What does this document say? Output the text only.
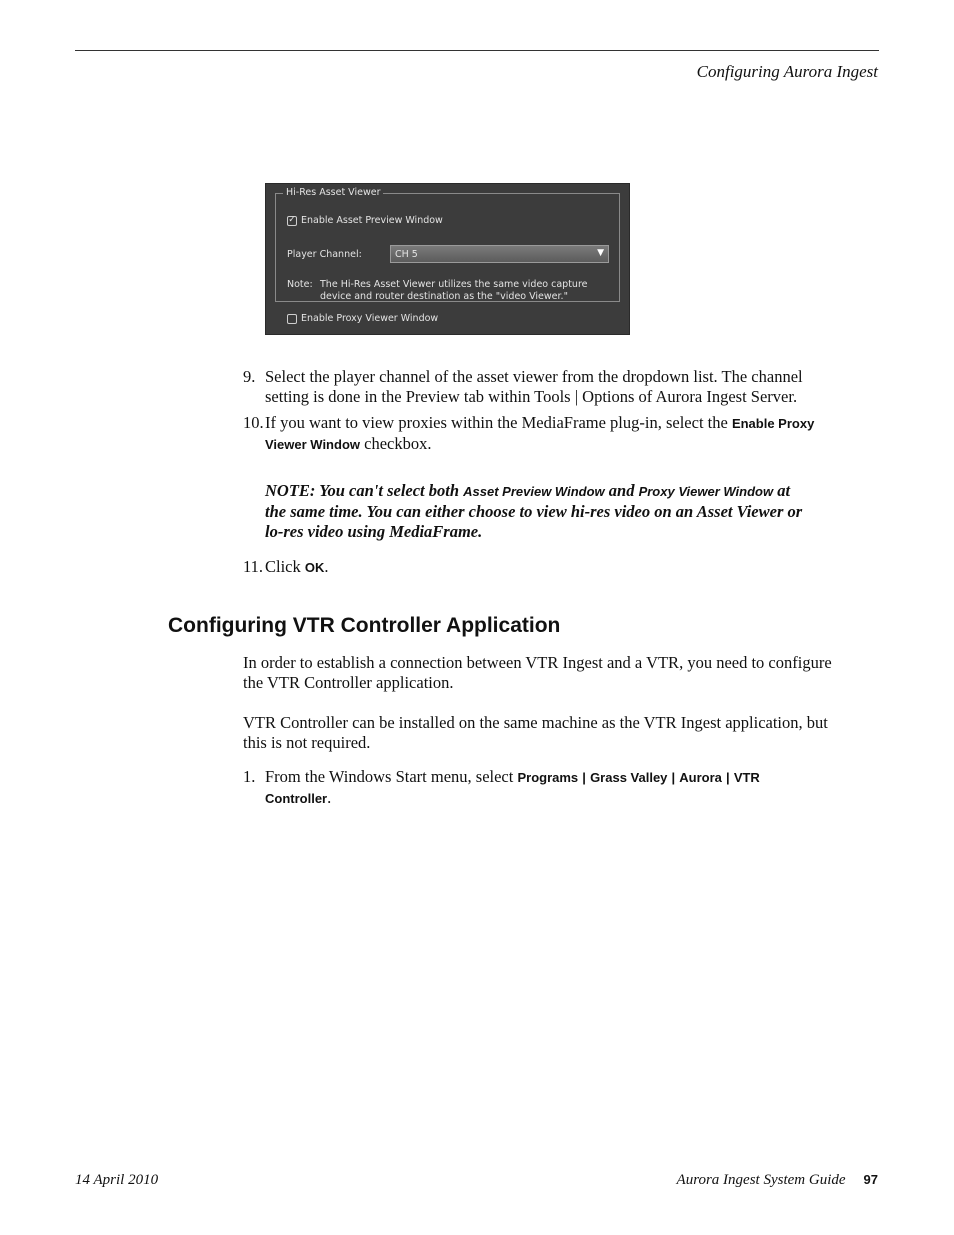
Configuring Aurora Ingest
Hi-Res Asset Viewer
✓ Enable Asset Preview Window
Player Channel:	CH 5	▼
Note: The Hi-Res Asset Viewer utilizes the same video capture device and router destination as the "video Viewer."
Enable Proxy Viewer Window
9. Select the player channel of the asset viewer from the dropdown list. The channel setting is done in the Preview tab within Tools | Options of Aurora Ingest Server.
10. If you want to view proxies within the MediaFrame plug-in, select the Enable Proxy Viewer Window checkbox.
NOTE: You can't select both Asset Preview Window and Proxy Viewer Window at the same time. You can either choose to view hi-res video on an Asset Viewer or lo-res video using MediaFrame.
11. Click OK.
Configuring VTR Controller Application
In order to establish a connection between VTR Ingest and a VTR, you need to configure the VTR Controller application.
VTR Controller can be installed on the same machine as the VTR Ingest application, but this is not required.
1. From the Windows Start menu, select Programs | Grass Valley | Aurora | VTR Controller.
14 April 2010	Aurora Ingest System Guide 97
